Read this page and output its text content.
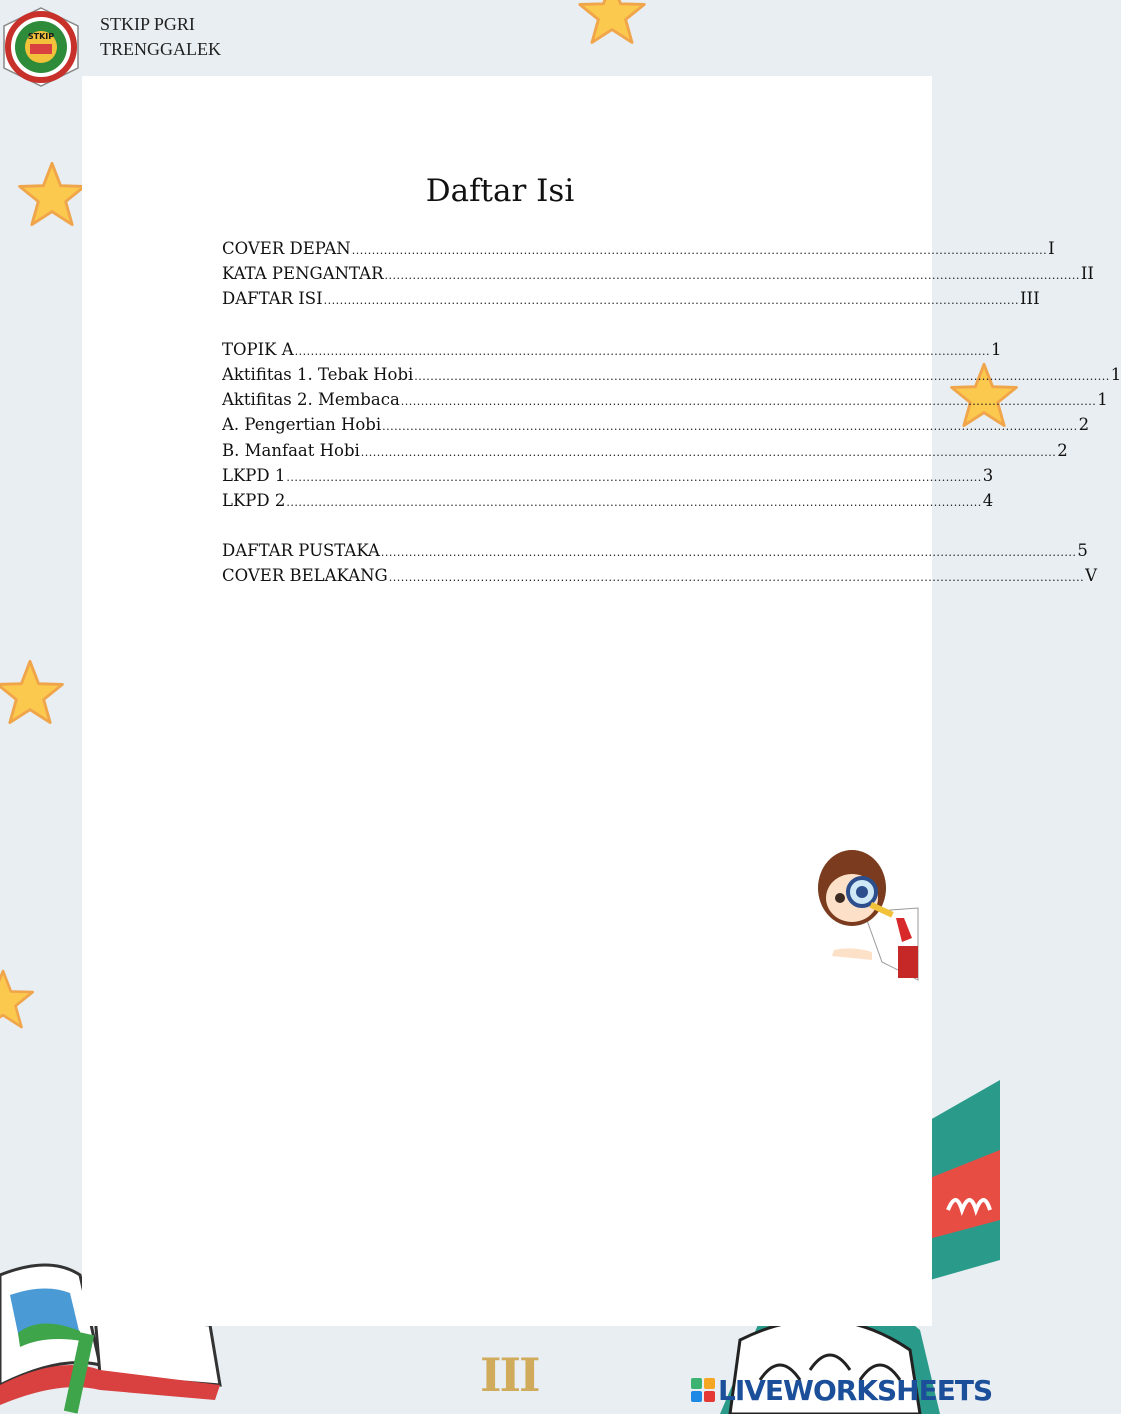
STKIP
STKIP PGRI
TRENGGALEK
Daftar Isi
COVER DEPAN .............................................................................................................................................................................. I
KATA PENGANTAR .............................................................................................................................................................................. II
DAFTAR ISI .............................................................................................................................................................................. III
TOPIK A .............................................................................................................................................................................. 1
Aktifitas 1. Tebak Hobi .............................................................................................................................................................................. 1
Aktifitas 2. Membaca .............................................................................................................................................................................. 1
A. Pengertian Hobi .............................................................................................................................................................................. 2
B. Manfaat Hobi .............................................................................................................................................................................. 2
LKPD 1 .............................................................................................................................................................................. 3
LKPD 2 .............................................................................................................................................................................. 4
DAFTAR PUSTAKA .............................................................................................................................................................................. 5
COVER BELAKANG .............................................................................................................................................................................. V
III	LIVEWORKSHEETS
